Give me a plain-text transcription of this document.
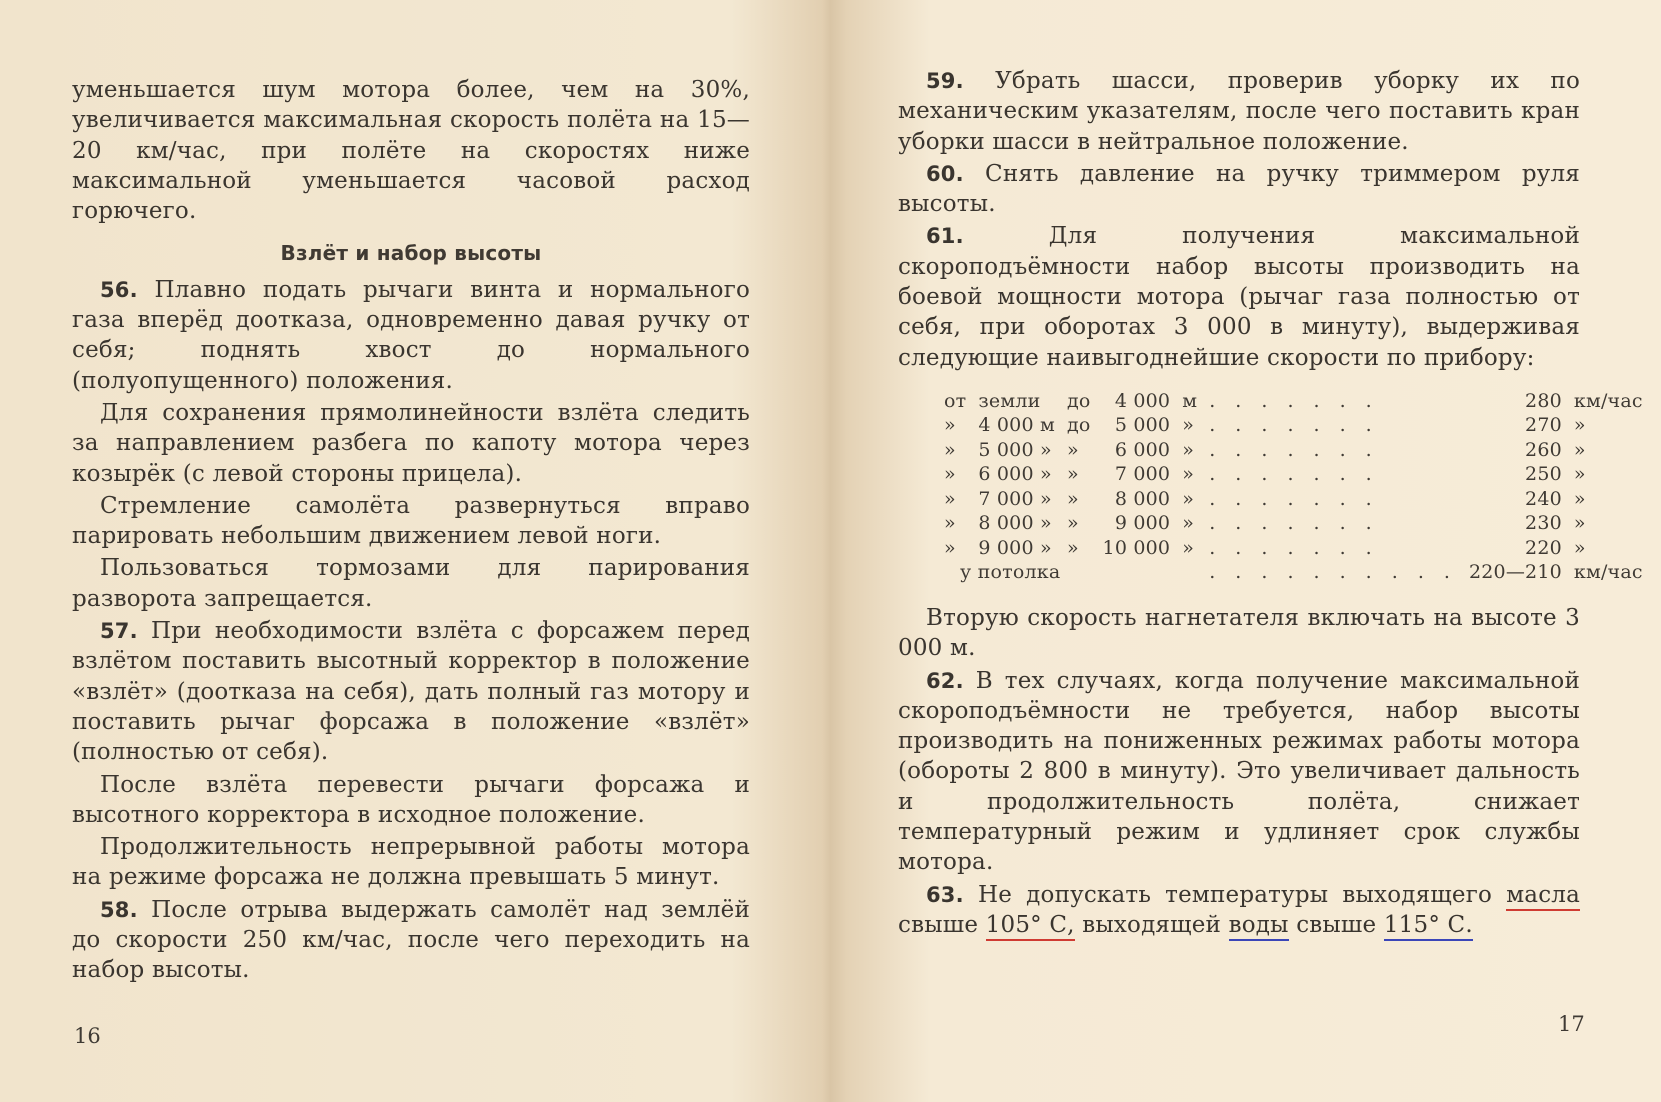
уменьшается шум мотора более, чем на 30%, увеличивается максимальная скорость полёта на 15—20 км/час, при полёте на скоростях ниже максимальной уменьшается часовой расход горючего.

Взлёт и набор высоты

56. Плавно подать рычаги винта и нормального газа вперёд доотказа, одновременно давая ручку от себя; поднять хвост до нормального (полуопущенного) положения.

Для сохранения прямолинейности взлёта следить за направлением разбега по капоту мотора через козырёк (с левой стороны прицела).

Стремление самолёта развернуться вправо парировать небольшим движением левой ноги.

Пользоваться тормозами для парирования разворота запрещается.

57. При необходимости взлёта с форсажем перед взлётом поставить высотный корректор в положение «взлёт» (доотказа на себя), дать полный газ мотору и поставить рычаг форсажа в положение «взлёт» (полностью от себя).

После взлёта перевести рычаги форсажа и высотного корректора в исходное положение.

Продолжительность непрерывной работы мотора на режиме форсажа не должна превышать 5 минут.

58. После отрыва выдержать самолёт над землёй до скорости 250 км/час, после чего переходить на набор высоты.

16

59. Убрать шасси, проверив уборку их по механическим указателям, после чего поставить кран уборки шасси в нейтральное положение.

60. Снять давление на ручку триммером руля высоты.

61.	Для получения максимальной скороподъёмности набор высоты производить на боевой мощности мотора (рычаг газа полностью от себя, при оборотах 3 000 в минуту), выдерживая следующие наивыгоднейшие скорости по прибору:

от	земли	до	4 000	м	. . . . . . .	280	км/час
»	4 000 м	до	5 000	»	. . . . . . .	270	»
»	5 000 »	»	6 000	»	. . . . . . .	260	»
»	6 000 »	»	7 000	»	. . . . . . .	250	»
»	7 000 »	»	8 000	»	. . . . . . .	240	»
»	8 000 »	»	9 000	»	. . . . . . .	230	»
»	9 000 »	»	10 000	»	. . . . . . .	220	»
у потолка					. . . . . . . . . .	220—210	км/час

Вторую скорость нагнетателя включать на высоте 3 000 м.

62. В тех случаях, когда получение максимальной скороподъёмности не требуется, набор высоты производить на пониженных режимах работы мотора (обороты 2 800 в минуту). Это увеличивает дальность и продолжительность полёта, снижает температурный режим и удлиняет срок службы мотора.

63. Не допускать температуры выходящего масла свыше 105° С, выходящей воды свыше 115° С.

17
